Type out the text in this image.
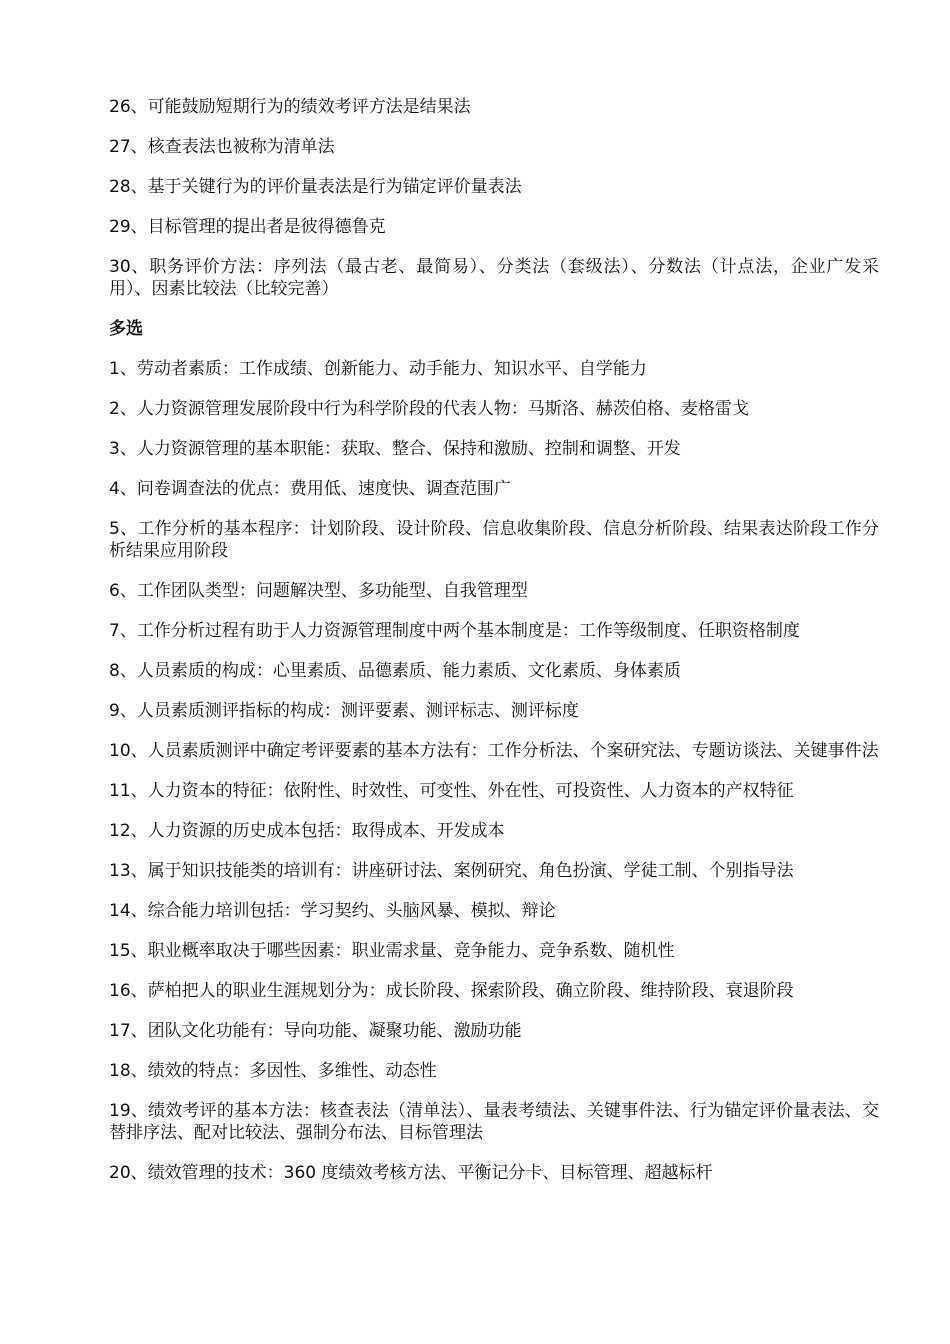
26、可能鼓励短期行为的绩效考评方法是结果法

27、核查表法也被称为清单法

28、基于关键行为的评价量表法是行为锚定评价量表法

29、目标管理的提出者是彼得德鲁克

30、职务评价方法：序列法（最古老、最简易）、分类法（套级法）、分数法（计点法，企业广发采用）、因素比较法（比较完善）

多选

1、劳动者素质：工作成绩、创新能力、动手能力、知识水平、自学能力

2、人力资源管理发展阶段中行为科学阶段的代表人物：马斯洛、赫茨伯格、麦格雷戈

3、人力资源管理的基本职能：获取、整合、保持和激励、控制和调整、开发

4、问卷调查法的优点：费用低、速度快、调查范围广

5、工作分析的基本程序：计划阶段、设计阶段、信息收集阶段、信息分析阶段、结果表达阶段工作分析结果应用阶段

6、工作团队类型：问题解决型、多功能型、自我管理型

7、工作分析过程有助于人力资源管理制度中两个基本制度是：工作等级制度、任职资格制度

8、人员素质的构成：心里素质、品德素质、能力素质、文化素质、身体素质

9、人员素质测评指标的构成：测评要素、测评标志、测评标度

10、人员素质测评中确定考评要素的基本方法有：工作分析法、个案研究法、专题访谈法、关键事件法

11、人力资本的特征：依附性、时效性、可变性、外在性、可投资性、人力资本的产权特征

12、人力资源的历史成本包括：取得成本、开发成本

13、属于知识技能类的培训有：讲座研讨法、案例研究、角色扮演、学徒工制、个别指导法

14、综合能力培训包括：学习契约、头脑风暴、模拟、辩论

15、职业概率取决于哪些因素：职业需求量、竞争能力、竞争系数、随机性

16、萨柏把人的职业生涯规划分为：成长阶段、探索阶段、确立阶段、维持阶段、衰退阶段

17、团队文化功能有：导向功能、凝聚功能、激励功能

18、绩效的特点：多因性、多维性、动态性

19、绩效考评的基本方法：核查表法（清单法）、量表考绩法、关键事件法、行为锚定评价量表法、交替排序法、配对比较法、强制分布法、目标管理法

20、绩效管理的技术：360 度绩效考核方法、平衡记分卡、目标管理、超越标杆
